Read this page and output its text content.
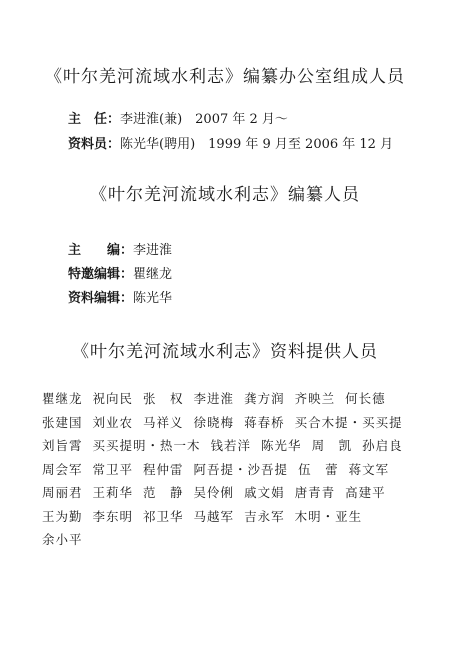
《叶尔羌河流域水利志》编纂办公室组成人员
主　任：李进淮(兼)　2007 年 2 月～
资料员：陈光华(聘用)　1999 年 9 月至 2006 年 12 月
《叶尔羌河流域水利志》编纂人员
主　　编：李进淮
特邀编辑：瞿继龙
资料编辑：陈光华
《叶尔羌河流域水利志》资料提供人员
瞿继龙 祝向民 张　权 李进淮 龚方润 齐映兰 何长德
张建国 刘业农 马祥义 徐晓梅 蒋春桥 买合木提・买买提
刘旨霄 买买提明・热一木 钱若洋 陈光华 周　凯 孙启良
周会军 常卫平 程仲雷 阿吾提・沙吾提 伍　蕾 蒋文军
周丽君 王莉华 范　静 吴伶俐 戚文娟 唐青青 高建平
王为勤 李东明 祁卫华 马越军 吉永军 木明・亚生
余小平
